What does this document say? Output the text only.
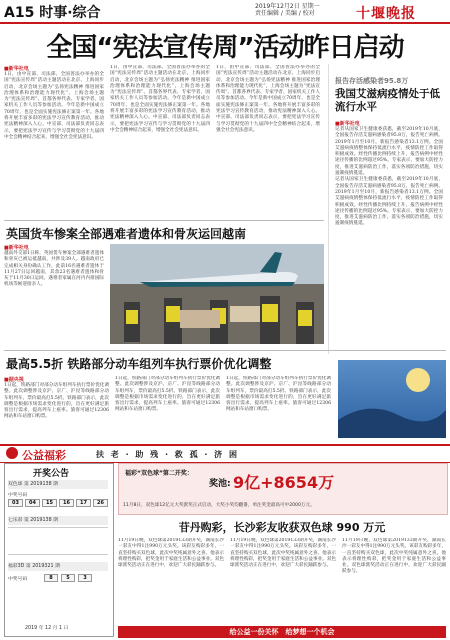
A15 时事·综合	2019年12月2日 星期一
责任编辑 / 美编 / 校对	十堰晚报
全国“宪法宣传周”活动昨日启动
■新华社电
1日，由中宣部、司法部、全国普法办举办的全国“宪法宣传周”活动主题活动在北京、上海同步启动，北京会场主题为“弘扬宪法精神 推进国家治理体系和治理能力现代化”，上海会场主题为“宪法宣传周”。首都各界代表、专家学者、国家机关工作人员等参加活动。今年是新中国成立70周年，也是全面实施宪法修正案第一年。各地将开展丰富多彩的宪法学习宣传教育活动，推动宪法精神深入人心。中宣部、司法部负责同志表示，要把宪法学习宣传与学习贯彻党的十九届四中全会精神结合起来，增强全社会宪法意识。
1日，由中宣部、司法部、全国普法办举办的全国“宪法宣传周”活动主题活动在北京、上海同步启动，北京会场主题为“弘扬宪法精神 推进国家治理体系和治理能力现代化”，上海会场主题为“宪法宣传周”。首都各界代表、专家学者、国家机关工作人员等参加活动。今年是新中国成立70周年，也是全面实施宪法修正案第一年。各地将开展丰富多彩的宪法学习宣传教育活动，推动宪法精神深入人心。中宣部、司法部负责同志表示，要把宪法学习宣传与学习贯彻党的十九届四中全会精神结合起来，增强全社会宪法意识。
1日，由中宣部、司法部、全国普法办举办的全国“宪法宣传周”活动主题活动在北京、上海同步启动，北京会场主题为“弘扬宪法精神 推进国家治理体系和治理能力现代化”，上海会场主题为“宪法宣传周”。首都各界代表、专家学者、国家机关工作人员等参加活动。今年是新中国成立70周年，也是全面实施宪法修正案第一年。各地将开展丰富多彩的宪法学习宣传教育活动，推动宪法精神深入人心。中宣部、司法部负责同志表示，要把宪法学习宣传与学习贯彻党的十九届四中全会精神结合起来，增强全社会宪法意识。
报告存活感染者95.8万
我国艾滋病疫情处于低流行水平
■新华社电
记者从国家卫生健康委获悉，截至2019年10月底，全国报告存活艾滋病感染者95.8万，报告死亡病例。2019年1月至10月，新报告感染者13.1万例。全国艾滋病疫情整体保持低流行水平，疫情防控工作取得积极成效。经性传播比例持续上升，报告病例中经性途径传播的比例超过95%。专家表示，要加大防控力度，推进艾滋病防治工作，落实各项防治措施，切实遏制疫情蔓延。
记者从国家卫生健康委获悉，截至2019年10月底，全国报告存活艾滋病感染者95.8万，报告死亡病例。2019年1月至10月，新报告感染者13.1万例。全国艾滋病疫情整体保持低流行水平，疫情防控工作取得积极成效。经性传播比例持续上升，报告病例中经性途径传播的比例超过95%。专家表示，要加大防控力度，推进艾滋病防治工作，落实各项防治措施，切实遏制疫情蔓延。
英国货车惨案全部遇难者遗体和骨灰运回越南
■新华社电
越南外交部1日称，英国货车惨案全部遇难者遗体和骨灰已被运抵越南，共涉及39人。越南政府已完成相关身份确认工作，此前16名遇难者遗体于11月27日运回越南，其余23名遇难者遗体和骨灰于11月30日运回。遇难者家属在河内内排国际机场等候迎接亲人。
最高5.5折 铁路部分动车组列车执行票价优化调整
■据央视
1日起，铁路部门对部分动车组列车执行票价优化调整。此次调整涉及京沪、京广、沪昆等线路部分动车组列车，票价最高打5.5折。铁路部门表示，此次调整是根据市场需求变化进行的，旨在更好满足旅客出行需求，提高列车上座率。旅客可通过12306网站和车站窗口购票。
1日起，铁路部门对部分动车组列车执行票价优化调整。此次调整涉及京沪、京广、沪昆等线路部分动车组列车，票价最高打5.5折。铁路部门表示，此次调整是根据市场需求变化进行的，旨在更好满足旅客出行需求，提高列车上座率。旅客可通过12306网站和车站窗口购票。
1日起，铁路部门对部分动车组列车执行票价优化调整。此次调整涉及京沪、京广、沪昆等线路部分动车组列车，票价最高打5.5折。铁路部门表示，此次调整是根据市场需求变化进行的，旨在更好满足旅客出行需求，提高列车上座率。旅客可通过12306网站和车站窗口购票。
公益福彩	扶 老 · 助 残 · 救 孤 · 济 困
开奖公告
双色球 第 2019138 期
中奖号码
03	04	15	16	17	26
七乐彩 第 2019138 期
福彩3D 第 2019321 期
中奖号码	8	5	3
2019 年 12 月 1 日
福彩“双色球”第二开奖：
奖池: 9亿+8654万
11月8日，双色球12亿元大奖派奖正式启动，大奖小奖均翻番，单注奖金最高可中2000万元。
苷丹购彩，长沙彩友收获双色球 990 万元
11月19日晚，双色球第2019133期开奖，湖南长沙一彩友中得1注990万元头奖。该彩友购彩多年，一直坚持购买双色球，此次中奖纯属意外之喜。他表示将理性购彩，把奖金用于家庭生活和公益事业。双色球派奖活动正在进行中，欢迎广大彩民踊跃参与。
11月19日晚，双色球第2019133期开奖，湖南长沙一彩友中得1注990万元头奖。该彩友购彩多年，一直坚持购买双色球，此次中奖纯属意外之喜。他表示将理性购彩，把奖金用于家庭生活和公益事业。双色球派奖活动正在进行中，欢迎广大彩民踊跃参与。
11月19日晚，双色球第2019133期开奖，湖南长沙一彩友中得1注990万元头奖。该彩友购彩多年，一直坚持购买双色球，此次中奖纯属意外之喜。他表示将理性购彩，把奖金用于家庭生活和公益事业。双色球派奖活动正在进行中，欢迎广大彩民踊跃参与。
给公益一份关怀　给梦想一个机会
